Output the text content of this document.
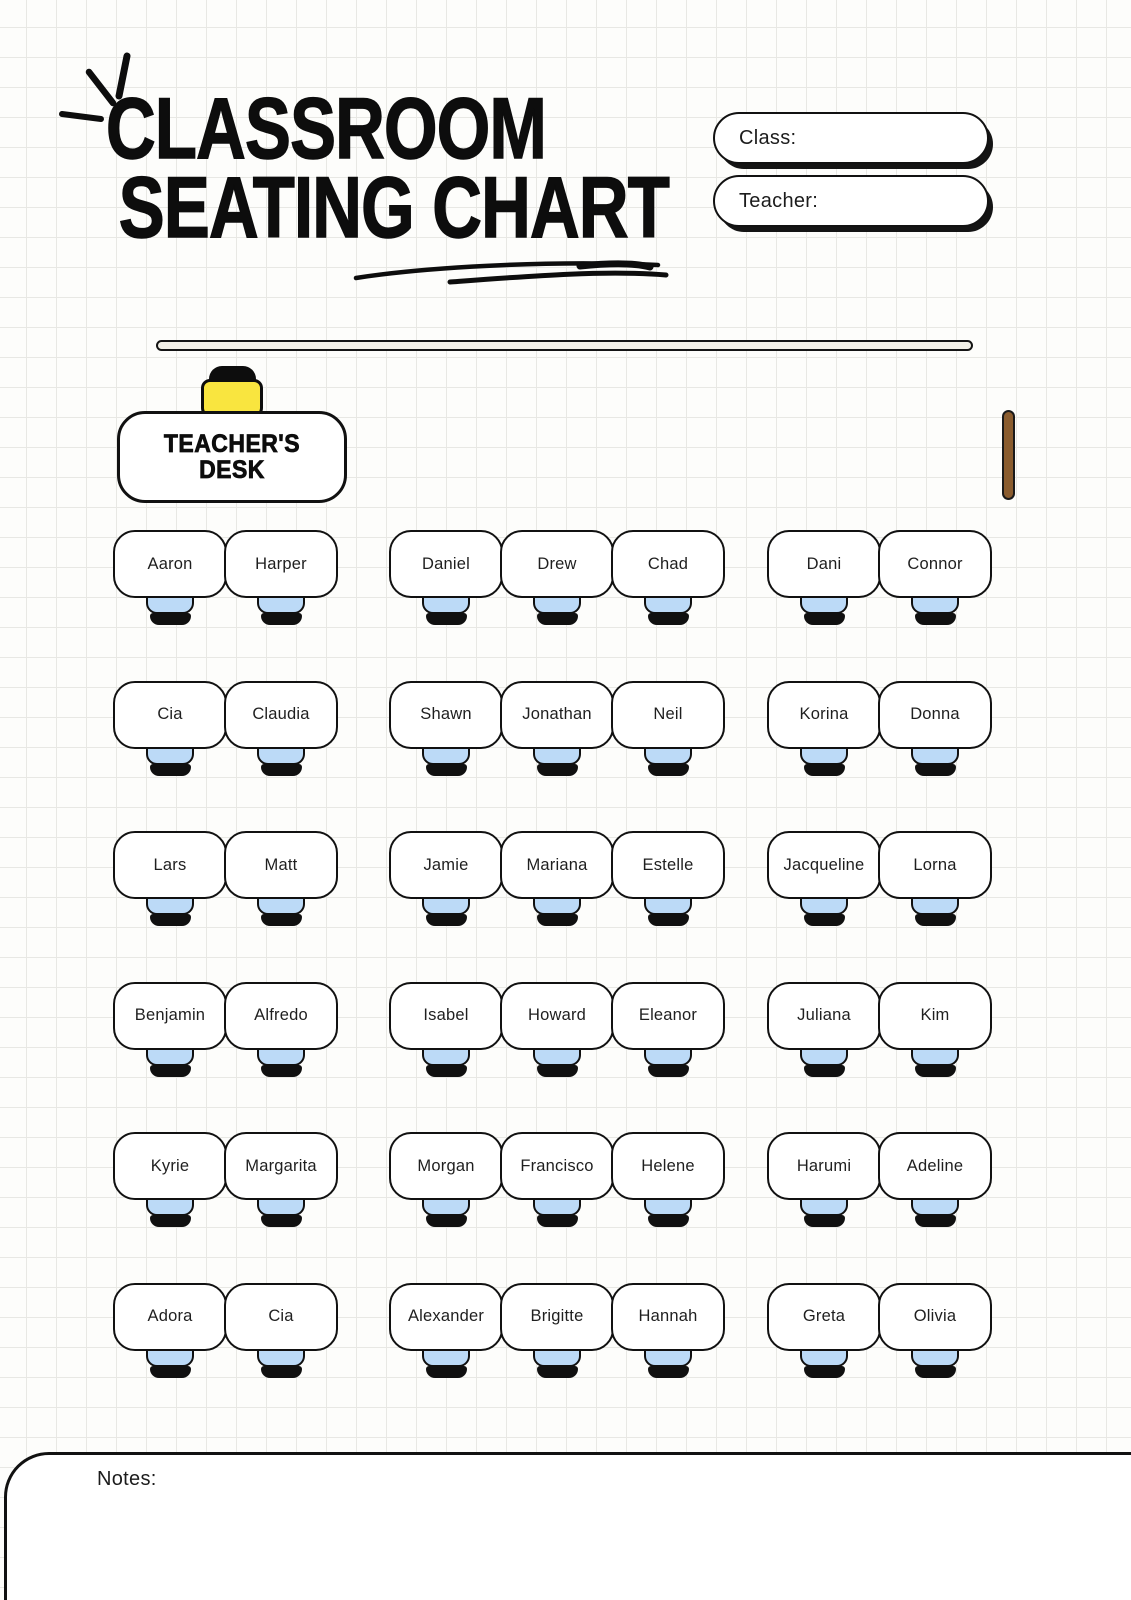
CLASSROOM
SEATING CHART
Class:
Teacher:
TEACHER'S
DESK
Aaron	Harper	Daniel	Drew	Chad	Dani	Connor
Cia	Claudia	Shawn	Jonathan	Neil	Korina	Donna
Lars	Matt	Jamie	Mariana	Estelle	Jacqueline	Lorna
Benjamin	Alfredo	Isabel	Howard	Eleanor	Juliana	Kim
Kyrie	Margarita	Morgan	Francisco	Helene	Harumi	Adeline
Adora	Cia	Alexander	Brigitte	Hannah	Greta	Olivia
Notes:
